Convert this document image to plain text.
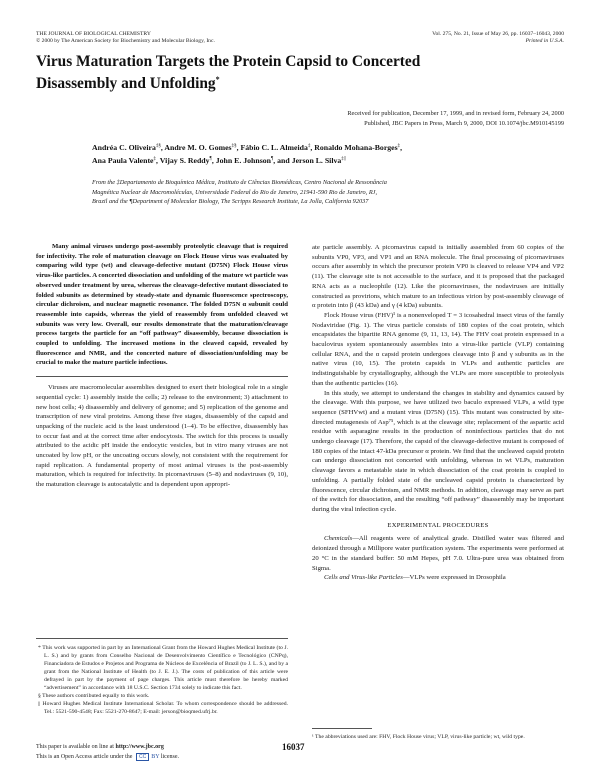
THE JOURNAL OF BIOLOGICAL CHEMISTRY
© 2000 by The American Society for Biochemistry and Molecular Biology, Inc.
Vol. 275, No. 21, Issue of May 26, pp. 16037–16043, 2000
Printed in U.S.A.
Virus Maturation Targets the Protein Capsid to Concerted
Disassembly and Unfolding*
Received for publication, December 17, 1999, and in revised form, February 24, 2000
Published, JBC Papers in Press, March 9, 2000, DOI 10.1074/jbc.M910145199
Andréa C. Oliveira‡§, Andre M. O. Gomes‡§, Fábio C. L. Almeida‡, Ronaldo Mohana-Borges‡,
Ana Paula Valente‡, Vijay S. Reddy¶, John E. Johnson¶, and Jerson L. Silva‡||
From the ‡Departamento de Bioquímica Médica, Instituto de Ciências Biomédicas, Centro Nacional de Ressonância
Magnética Nuclear de Macromoléculas, Universidade Federal do Rio de Janeiro, 21941-590 Rio de Janeiro, RJ,
Brazil and the ¶Department of Molecular Biology, The Scripps Research Institute, La Jolla, California 92037

Many animal viruses undergo post-assembly proteolytic cleavage that is required for infectivity. The role of maturation cleavage on Flock House virus was evaluated by comparing wild type (wt) and cleavage-defective mutant (D75N) Flock House virus virus-like particles. A concerted dissociation and unfolding of the mature wt particle was observed under treatment by urea, whereas the cleavage-defective mutant dissociated to folded subunits as determined by steady-state and dynamic fluorescence spectroscopy, circular dichroism, and nuclear magnetic resonance. The folded D75N α subunit could reassemble into capsids, whereas the yield of reassembly from unfolded cleaved wt subunits was very low. Overall, our results demonstrate that the maturation/cleavage process targets the particle for an “off pathway” disassembly, because dissociation is coupled to unfolding. The increased motions in the cleaved capsid, revealed by fluorescence and NMR, and the concerted nature of dissociation/unfolding may be crucial to make the mature particle infectious.

Viruses are macromolecular assemblies designed to exert their biological role in a single sequential cycle: 1) assembly inside the cells; 2) release to the environment; 3) attachment to new host cells; 4) disassembly and delivery of genome; and 5) replication of the genome and transcription of new viral proteins. Among these five stages, disassembly of the capsid and unpacking of the nucleic acid is the least understood (1–4). To be effective, disassembly has to occur fast and at the correct time after endocytosis. The switch for this process is usually attributed to the acidic pH inside the endocytic vesicles, but in vitro many viruses are not uncoated by low pH, or the uncoating occurs slowly, not consistent with the requirement for rapid replication. A fundamental property of most animal viruses is the post-assembly maturation, which is required for infectivity. In picornaviruses (5–8) and nodaviruses (9, 10), the maturation cleavage is autocatalytic and is dependent upon appropri-

* This work was supported in part by an International Grant from the Howard Hughes Medical Institute (to J. L. S.) and by grants from Conselho Nacional de Desenvolvimento Científico e Tecnológico (CNPq), Financiadora de Estudos e Projetos and Programa de Núcleos de Excelência of Brazil (to J. L. S.), and by a grant from the National Institute of Health (to J. E. J.). The costs of publication of this article were defrayed in part by the payment of page charges. This article must therefore be hereby marked “advertisement” in accordance with 18 U.S.C. Section 1734 solely to indicate this fact.

§ These authors contributed equally to this work.

|| Howard Hughes Medical Institute International Scholar. To whom correspondence should be addressed. Tel.: 5521-590-4548; Fax: 5521-270-8647; E-mail: jerson@bioqmed.ufrj.br.

ate particle assembly. A picornavirus capsid is initially assembled from 60 copies of the subunits VP0, VP3, and VP1 and an RNA molecule. The final processing of picornaviruses occurs after assembly in which the precursor protein VP0 is cleaved to release VP4 and VP2 (11). The cleavage site is not accessible to the surface, and it is proposed that the packaged RNA acts as a nucleophile (12). Like the picornaviruses, the nodaviruses are initially constructed as provirions, which mature to an infectious virion by post-assembly cleavage of α protein into β (43 kDa) and γ (4 kDa) subunits.

Flock House virus (FHV)¹ is a nonenveloped T = 3 icosahedral insect virus of the family Nodaviridae (Fig. 1). The virus particle consists of 180 copies of the coat protein, which encapsidates the bipartite RNA genome (9, 11, 13, 14). The FHV coat protein expressed in a baculovirus system spontaneously assembles into a virus-like particle (VLP) containing cellular RNA, and the α capsid protein undergoes cleavage into β and γ subunits as in the native virus (10, 15). The protein capsids in VLPs and authentic particles are indistinguishable by crystallography, although the VLPs are more susceptible to proteolysis than the authentic particles (16).

In this study, we attempt to understand the changes in stability and dynamics caused by the cleavage. With this purpose, we have utilized two baculo expressed VLPs, a wild type sequence (SFHVwt) and a mutant virus (D75N) (15). This mutant was constructed by site-directed mutagenesis of Asp⁷⁵, which is at the cleavage site; replacement of the aspartic acid residue with asparagine results in the production of noninfectious particles that do not undergo cleavage (17). Therefore, the capsid of the cleavage-defective mutant is composed of 180 copies of the intact 47-kDa precursor α protein. We find that the uncleaved capsid protein can undergo dissociation not concerted with unfolding, whereas in wt VLPs, maturation cleavage favors a metastable state in which dissociation of the coat protein is coupled to unfolding. A partially folded state of the uncleaved capsid protein is characterized by fluorescence, circular dichroism, and NMR methods. In addition, cleavage may serve as part of the switch for dissociation, and the resulting “off pathway” disassembly may be important during the viral infection cycle.

EXPERIMENTAL PROCEDURES

Chemicals—All reagents were of analytical grade. Distilled water was filtered and deionized through a Millipore water purification system. The experiments were performed at 20 °C in the standard buffer: 50 mM Hepes, pH 7.0. Ultra-pure urea was obtained from Sigma.

Cells and Virus-like Particles—VLPs were expressed in Drosophila

¹ The abbreviations used are: FHV, Flock House virus; VLP, virus-like particle; wt, wild type.
This paper is available on line at http://www.jbc.org	16037
This is an Open Access article under the CC BY license.
